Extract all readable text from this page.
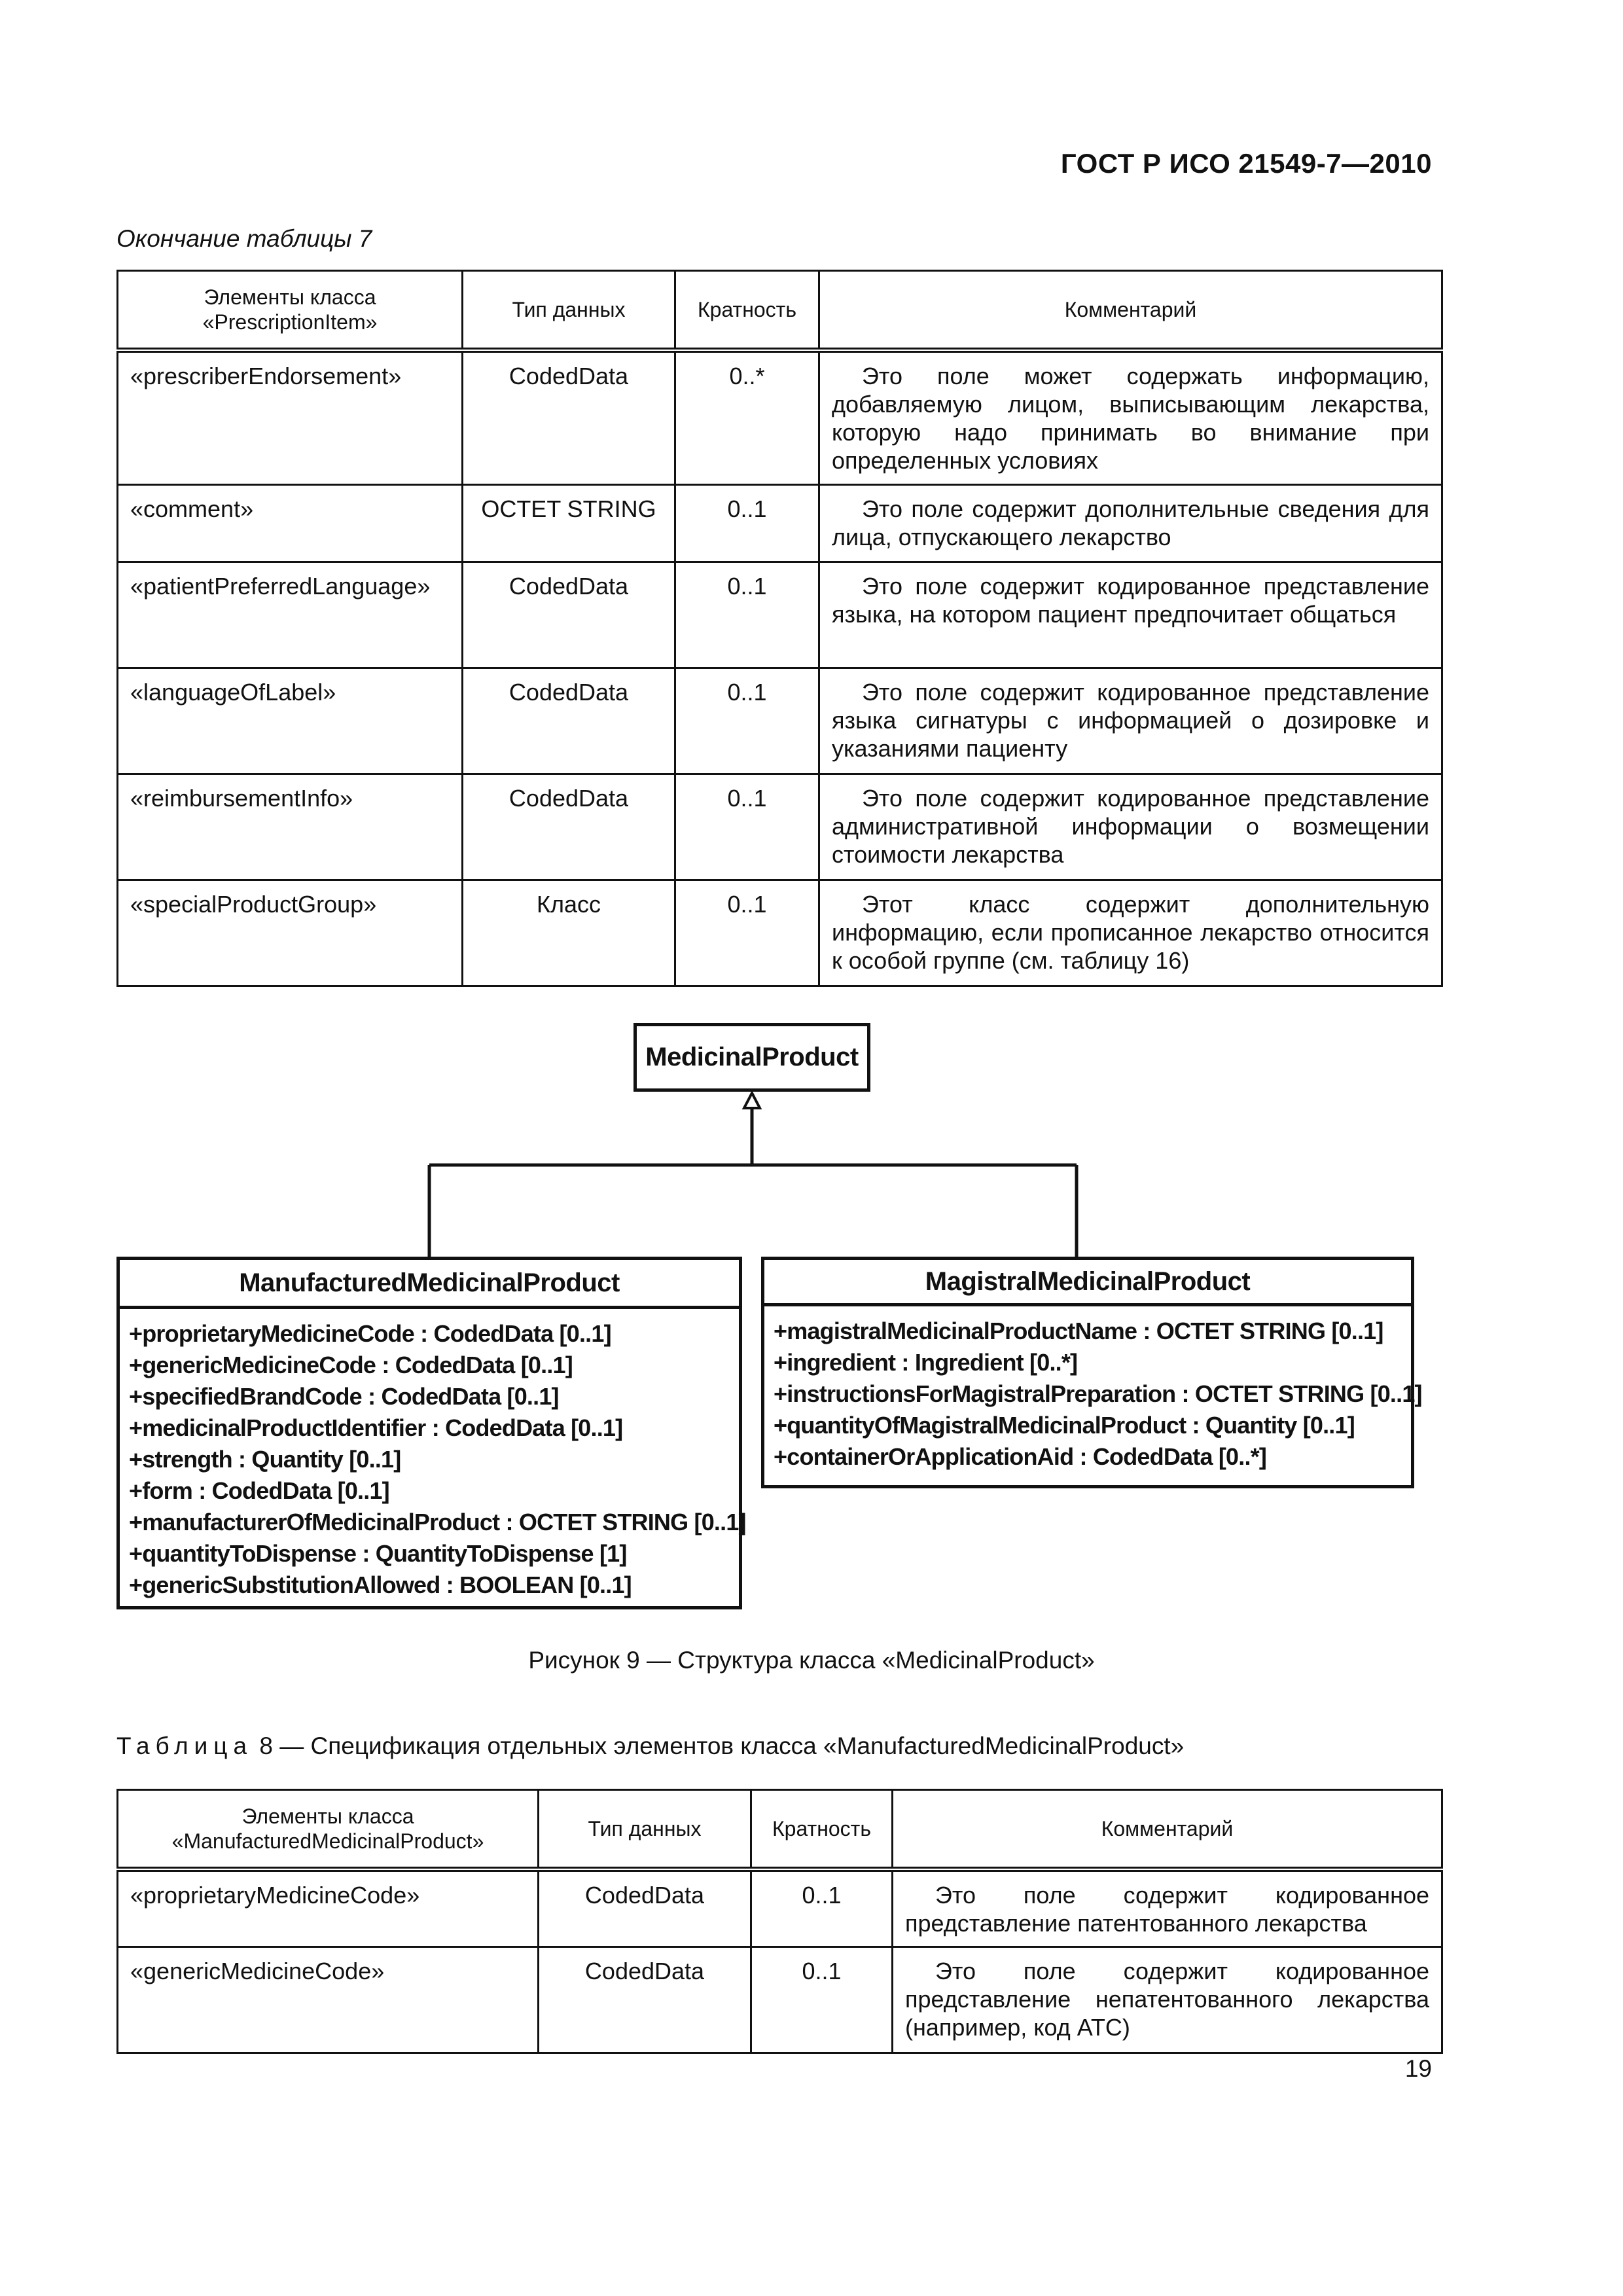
ГОСТ Р ИСО 21549-7—2010
Окончание таблицы 7
Элементы класса «PrescriptionItem»	Тип данных	Кратность	Комментарий
«prescriberEndorsement»	CodedData	0..*	Это поле может содержать информацию, добавляемую лицом, выписывающим лекарства, которую надо принимать во внимание при определенных условиях
«comment»	OCTET STRING	0..1	Это поле содержит дополнительные сведения для лица, отпускающего лекарство
«patientPreferredLanguage»	CodedData	0..1	Это поле содержит кодированное представление языка, на котором пациент предпочитает общаться
«languageOfLabel»	CodedData	0..1	Это поле содержит кодированное представление языка сигнатуры с информацией о дозировке и указаниями пациенту
«reimbursementInfo»	CodedData	0..1	Это поле содержит кодированное представление административной информации о возмещении стоимости лекарства
«specialProductGroup»	Класс	0..1	Этот класс содержит дополнительную информацию, если прописанное лекарство относится к особой группе (см. таблицу 16)
MedicinalProduct
ManufacturedMedicinalProduct
+proprietaryMedicineCode : CodedData [0..1]
+genericMedicineCode : CodedData [0..1]
+specifiedBrandCode : CodedData [0..1]
+medicinalProductIdentifier : CodedData [0..1]
+strength : Quantity [0..1]
+form : CodedData [0..1]
+manufacturerOfMedicinalProduct : OCTET STRING [0..1]
+quantityToDispense : QuantityToDispense [1]
+genericSubstitutionAllowed : BOOLEAN [0..1]
MagistralMedicinalProduct
+magistralMedicinalProductName : OCTET STRING [0..1]
+ingredient : Ingredient [0..*]
+instructionsForMagistralPreparation : OCTET STRING [0..1]
+quantityOfMagistralMedicinalProduct : Quantity [0..1]
+containerOrApplicationAid : CodedData [0..*]
Рисунок 9 — Структура класса «MedicinalProduct»
Таблица 8 — Спецификация отдельных элементов класса «ManufacturedMedicinalProduct»
Элементы класса «ManufacturedMedicinalProduct»	Тип данных	Кратность	Комментарий
«proprietaryMedicineCode»	CodedData	0..1	Это поле содержит кодированное представление патентованного лекарства
«genericMedicineCode»	CodedData	0..1	Это поле содержит кодированное представление непатентованного лекарства (например, код АТС)
19
